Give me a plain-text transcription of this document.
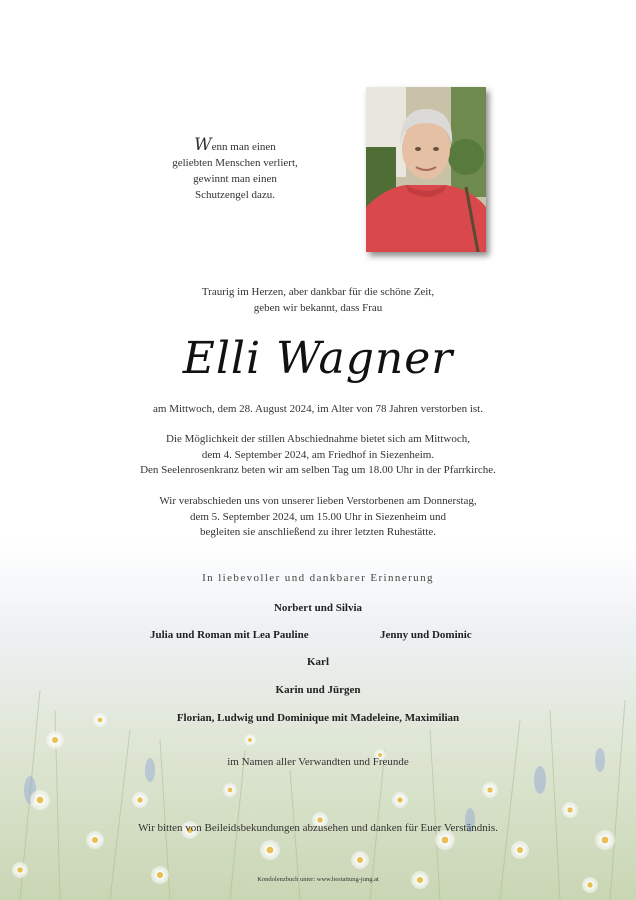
Wenn man einen
geliebten Menschen verliert,
gewinnt man einen
Schutzengel dazu.
Traurig im Herzen, aber dankbar für die schöne Zeit,
geben wir bekannt, dass Frau
Elli Wagner
am Mittwoch, dem 28. August 2024, im Alter von 78 Jahren verstorben ist.
Die Möglichkeit der stillen Abschiednahme bietet sich am Mittwoch,
dem 4. September 2024, am Friedhof in Siezenheim.
Den Seelenrosenkranz beten wir am selben Tag um 18.00 Uhr in der Pfarrkirche.
Wir verabschieden uns von unserer lieben Verstorbenen am Donnerstag,
dem 5. September 2024, um 15.00 Uhr in Siezenheim und
begleiten sie anschließend zu ihrer letzten Ruhestätte.
In liebevoller und dankbarer Erinnerung
Norbert und Silvia
Julia und Roman mit Lea Pauline	Jenny und Dominic
Karl
Karin und Jürgen
Florian, Ludwig und Dominique mit Madeleine, Maximilian
im Namen aller Verwandten und Freunde
Wir bitten von Beileidsbekundungen abzusehen und danken für Euer Verständnis.
Kondolenzbuch unter: www.bestattung-jung.at
